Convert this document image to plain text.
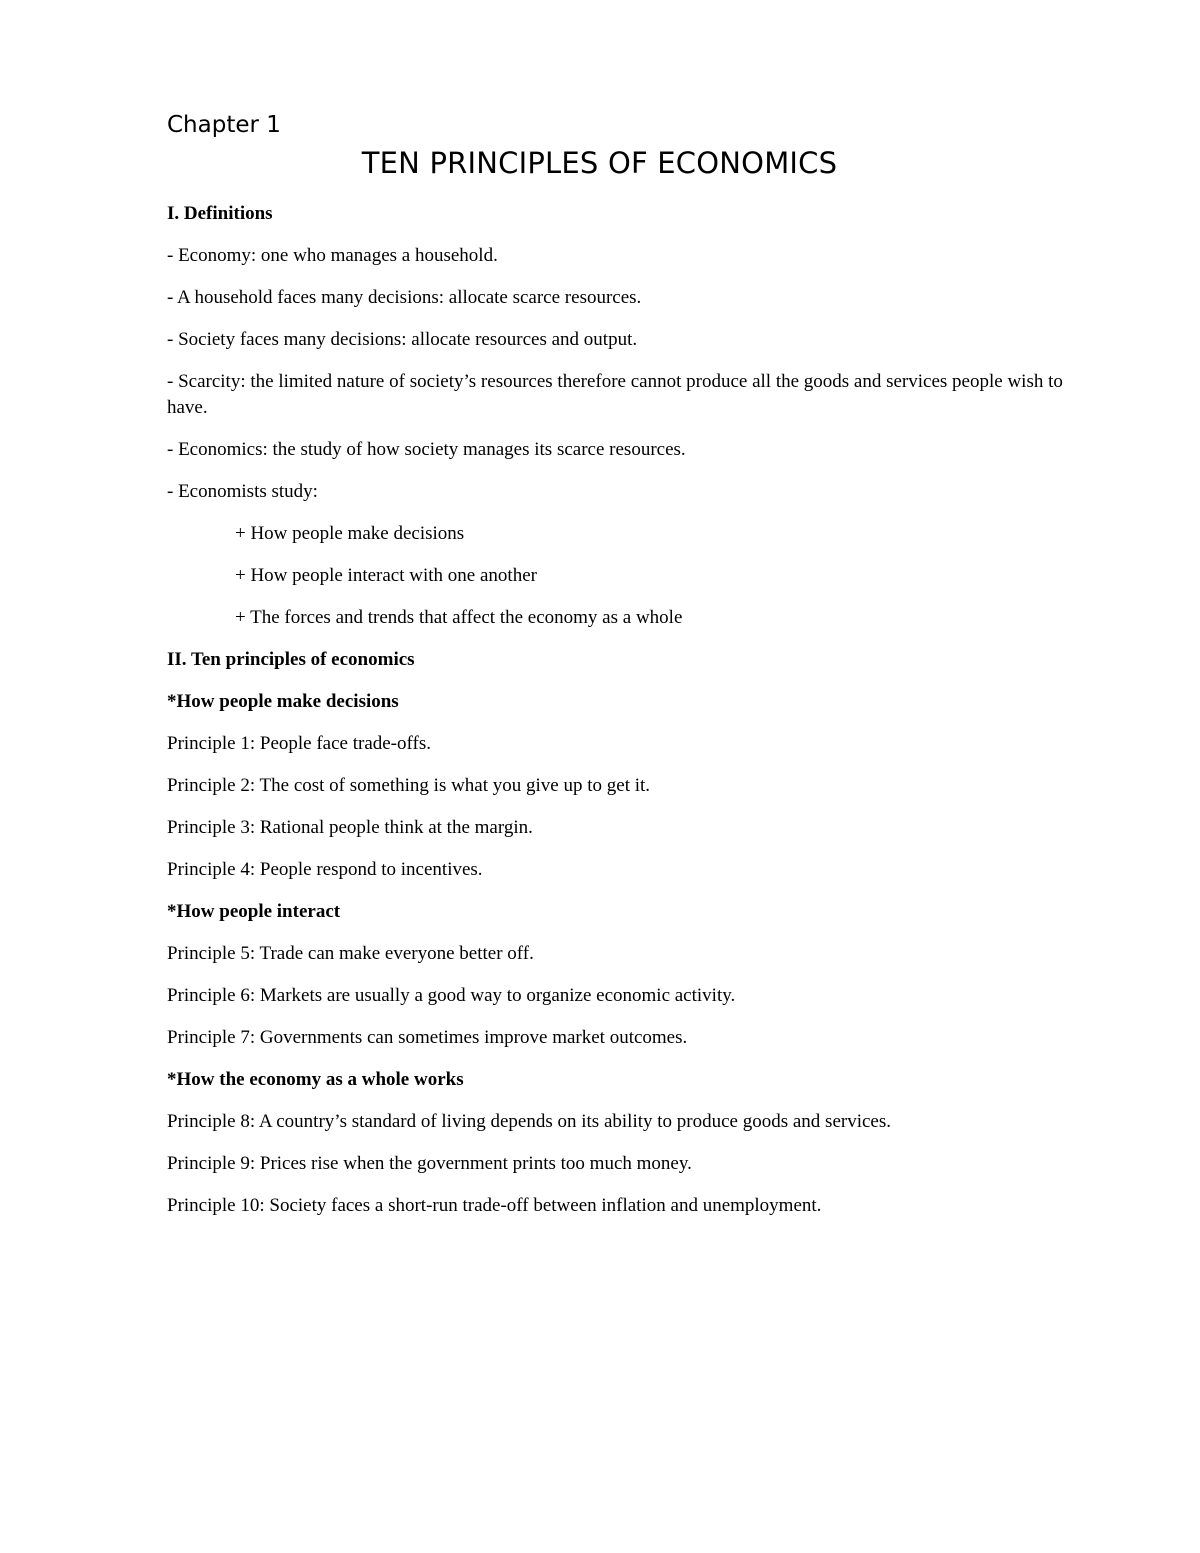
Chapter 1

TEN PRINCIPLES OF ECONOMICS

I. Definitions

- Economy: one who manages a household.

- A household faces many decisions: allocate scarce resources.

- Society faces many decisions: allocate resources and output.

- Scarcity: the limited nature of society’s resources therefore cannot produce all the goods and services people wish to have.

- Economics: the study of how society manages its scarce resources.

- Economists study:

+ How people make decisions

+ How people interact with one another

+ The forces and trends that affect the economy as a whole

II. Ten principles of economics

*How people make decisions

Principle 1: People face trade-offs.

Principle 2: The cost of something is what you give up to get it.

Principle 3: Rational people think at the margin.

Principle 4: People respond to incentives.

*How people interact

Principle 5: Trade can make everyone better off.

Principle 6: Markets are usually a good way to organize economic activity.

Principle 7: Governments can sometimes improve market outcomes.

*How the economy as a whole works

Principle 8: A country’s standard of living depends on its ability to produce goods and services.

Principle 9: Prices rise when the government prints too much money.

Principle 10: Society faces a short-run trade-off between inflation and unemployment.
